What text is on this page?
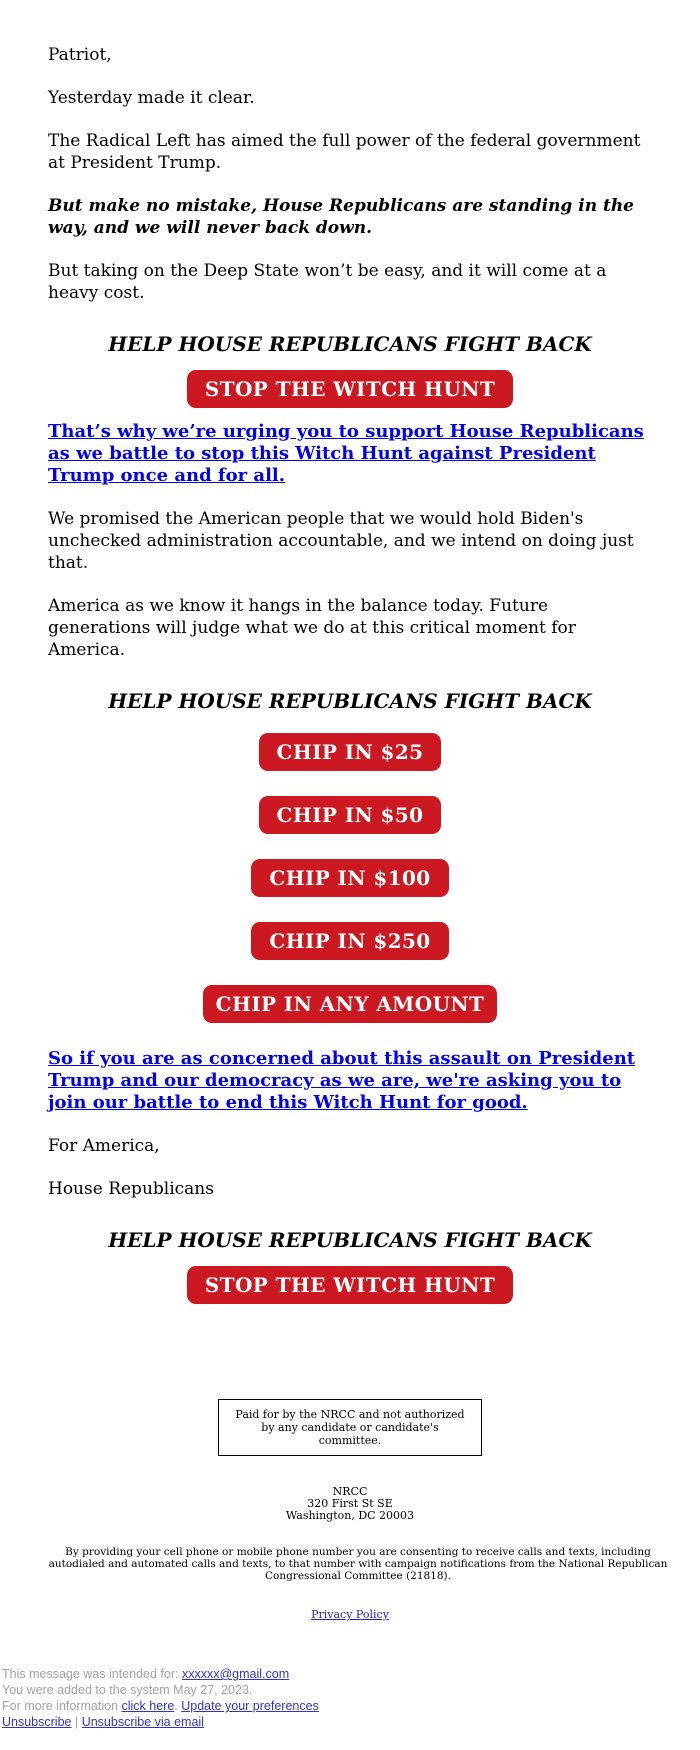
Patriot,

Yesterday made it clear.

The Radical Left has aimed the full power of the federal government at President Trump.

But make no mistake, House Republicans are standing in the way, and we will never back down.

But taking on the Deep State won’t be easy, and it will come at a heavy cost.

HELP HOUSE REPUBLICANS FIGHT BACK
STOP THE WITCH HUNT
That’s why we’re urging you to support House Republicans as we battle to stop this Witch Hunt against President Trump once and for all.

We promised the American people that we would hold Biden's unchecked administration accountable, and we intend on doing just that.

America as we know it hangs in the balance today. Future generations will judge what we do at this critical moment for America.

HELP HOUSE REPUBLICANS FIGHT BACK
CHIP IN $25
CHIP IN $50
CHIP IN $100
CHIP IN $250
CHIP IN ANY AMOUNT
So if you are as concerned about this assault on President Trump and our democracy as we are, we're asking you to join our battle to end this Witch Hunt for good.

For America,

House Republicans

HELP HOUSE REPUBLICANS FIGHT BACK
STOP THE WITCH HUNT
Paid for by the NRCC and not authorized by any candidate or candidate's committee.
NRCC
320 First St SE
Washington, DC 20003
By providing your cell phone or mobile phone number you are consenting to receive calls and texts, including autodialed and automated calls and texts, to that number with campaign notifications from the National Republican Congressional Committee (21818).
Privacy Policy
This message was intended for: xxxxxx@gmail.com
You were added to the system May 27, 2023.
For more information click here. Update your preferences
Unsubscribe | Unsubscribe via email
